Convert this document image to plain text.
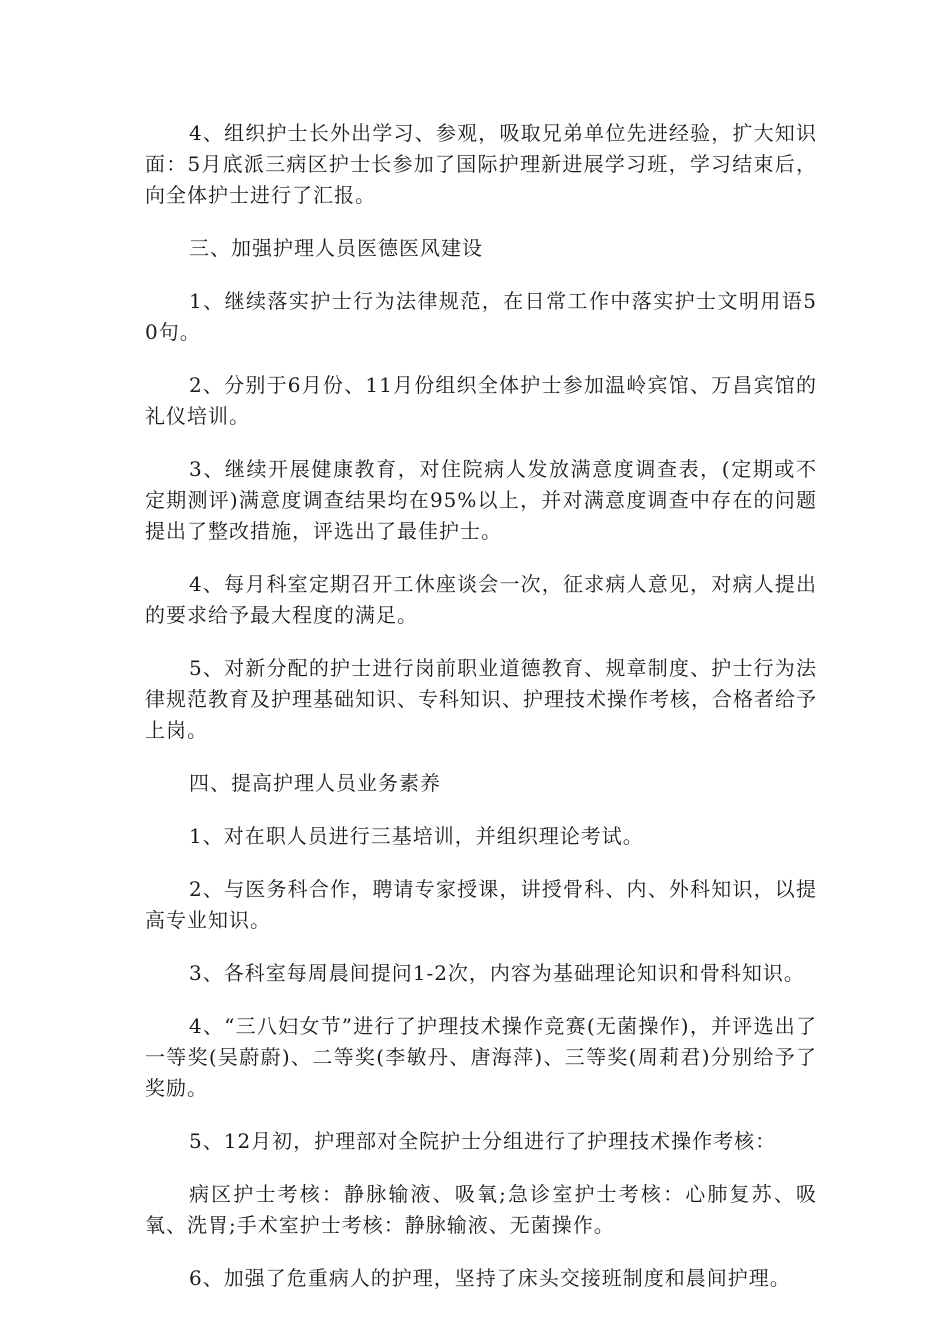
4、组织护士长外出学习、参观，吸取兄弟单位先进经验，扩大知识面：5月底派三病区护士长参加了国际护理新进展学习班，学习结束后，向全体护士进行了汇报。

三、加强护理人员医德医风建设

1、继续落实护士行为法律规范，在日常工作中落实护士文明用语50句。

2、分别于6月份、11月份组织全体护士参加温岭宾馆、万昌宾馆的礼仪培训。

3、继续开展健康教育，对住院病人发放满意度调查表，(定期或不定期测评)满意度调查结果均在95%以上，并对满意度调查中存在的问题提出了整改措施，评选出了最佳护士。

4、每月科室定期召开工休座谈会一次，征求病人意见，对病人提出的要求给予最大程度的满足。

5、对新分配的护士进行岗前职业道德教育、规章制度、护士行为法律规范教育及护理基础知识、专科知识、护理技术操作考核，合格者给予上岗。

四、提高护理人员业务素养

1、对在职人员进行三基培训，并组织理论考试。

2、与医务科合作，聘请专家授课，讲授骨科、内、外科知识，以提高专业知识。

3、各科室每周晨间提问1-2次，内容为基础理论知识和骨科知识。

4、“三八妇女节”进行了护理技术操作竞赛(无菌操作)，并评选出了一等奖(吴蔚蔚)、二等奖(李敏丹、唐海萍)、三等奖(周莉君)分别给予了奖励。

5、12月初，护理部对全院护士分组进行了护理技术操作考核：

病区护士考核：静脉输液、吸氧;急诊室护士考核：心肺复苏、吸氧、洗胃;手术室护士考核：静脉输液、无菌操作。

6、加强了危重病人的护理，坚持了床头交接班制度和晨间护理。
